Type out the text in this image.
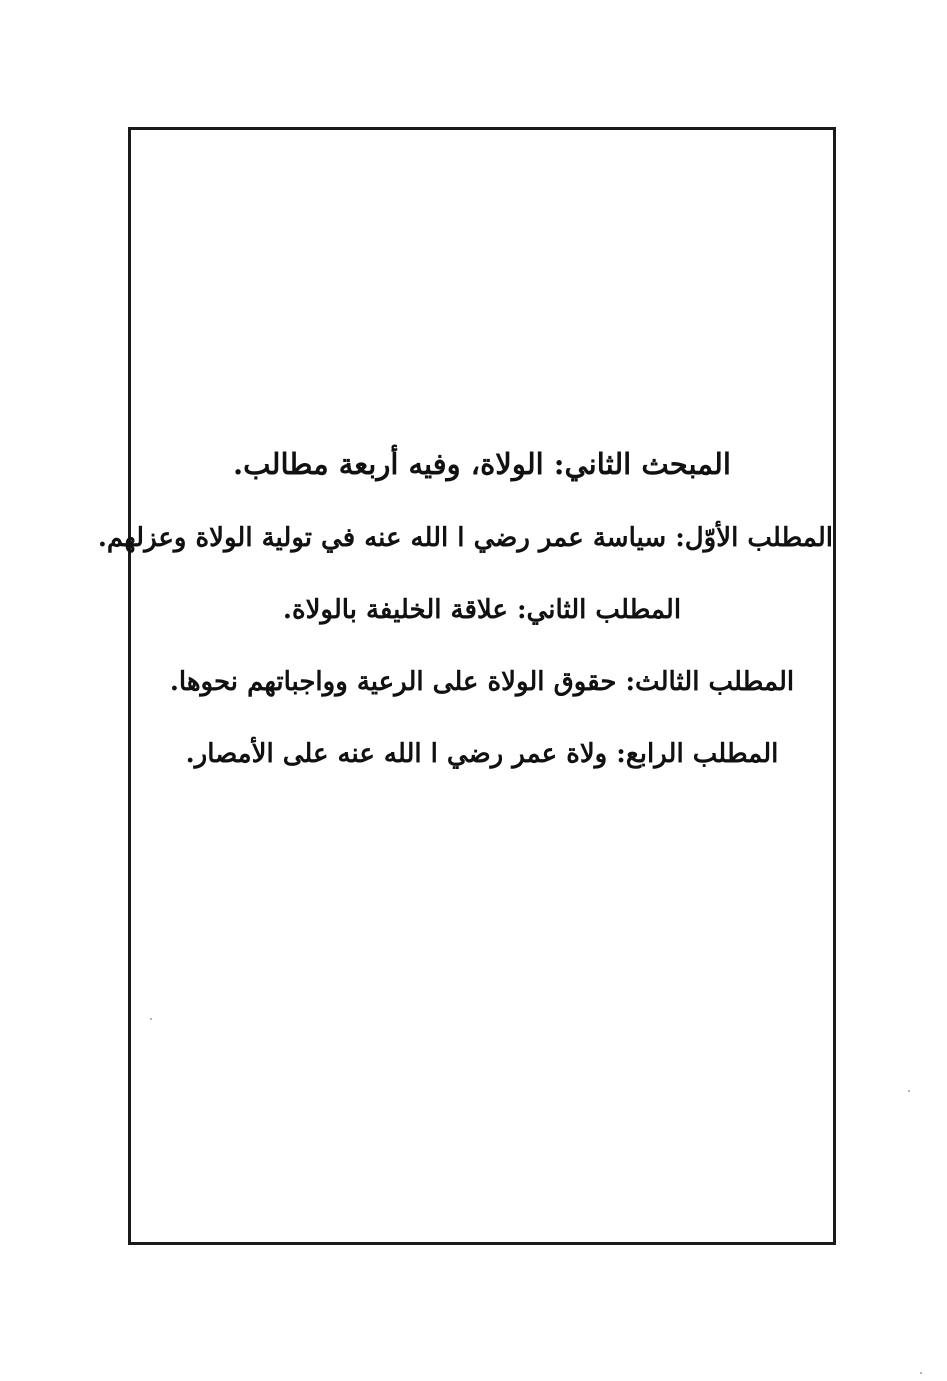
المبحث الثاني: الولاة، وفيه أربعة مطالب.
المطلب الأوّل: سياسة عمر رضي ا الله عنه في تولية الولاة وعزلهم.
المطلب الثاني: علاقة الخليفة بالولاة.
المطلب الثالث: حقوق الولاة على الرعية وواجباتهم نحوها.
المطلب الرابع: ولاة عمر رضي ا الله عنه على الأمصار.
